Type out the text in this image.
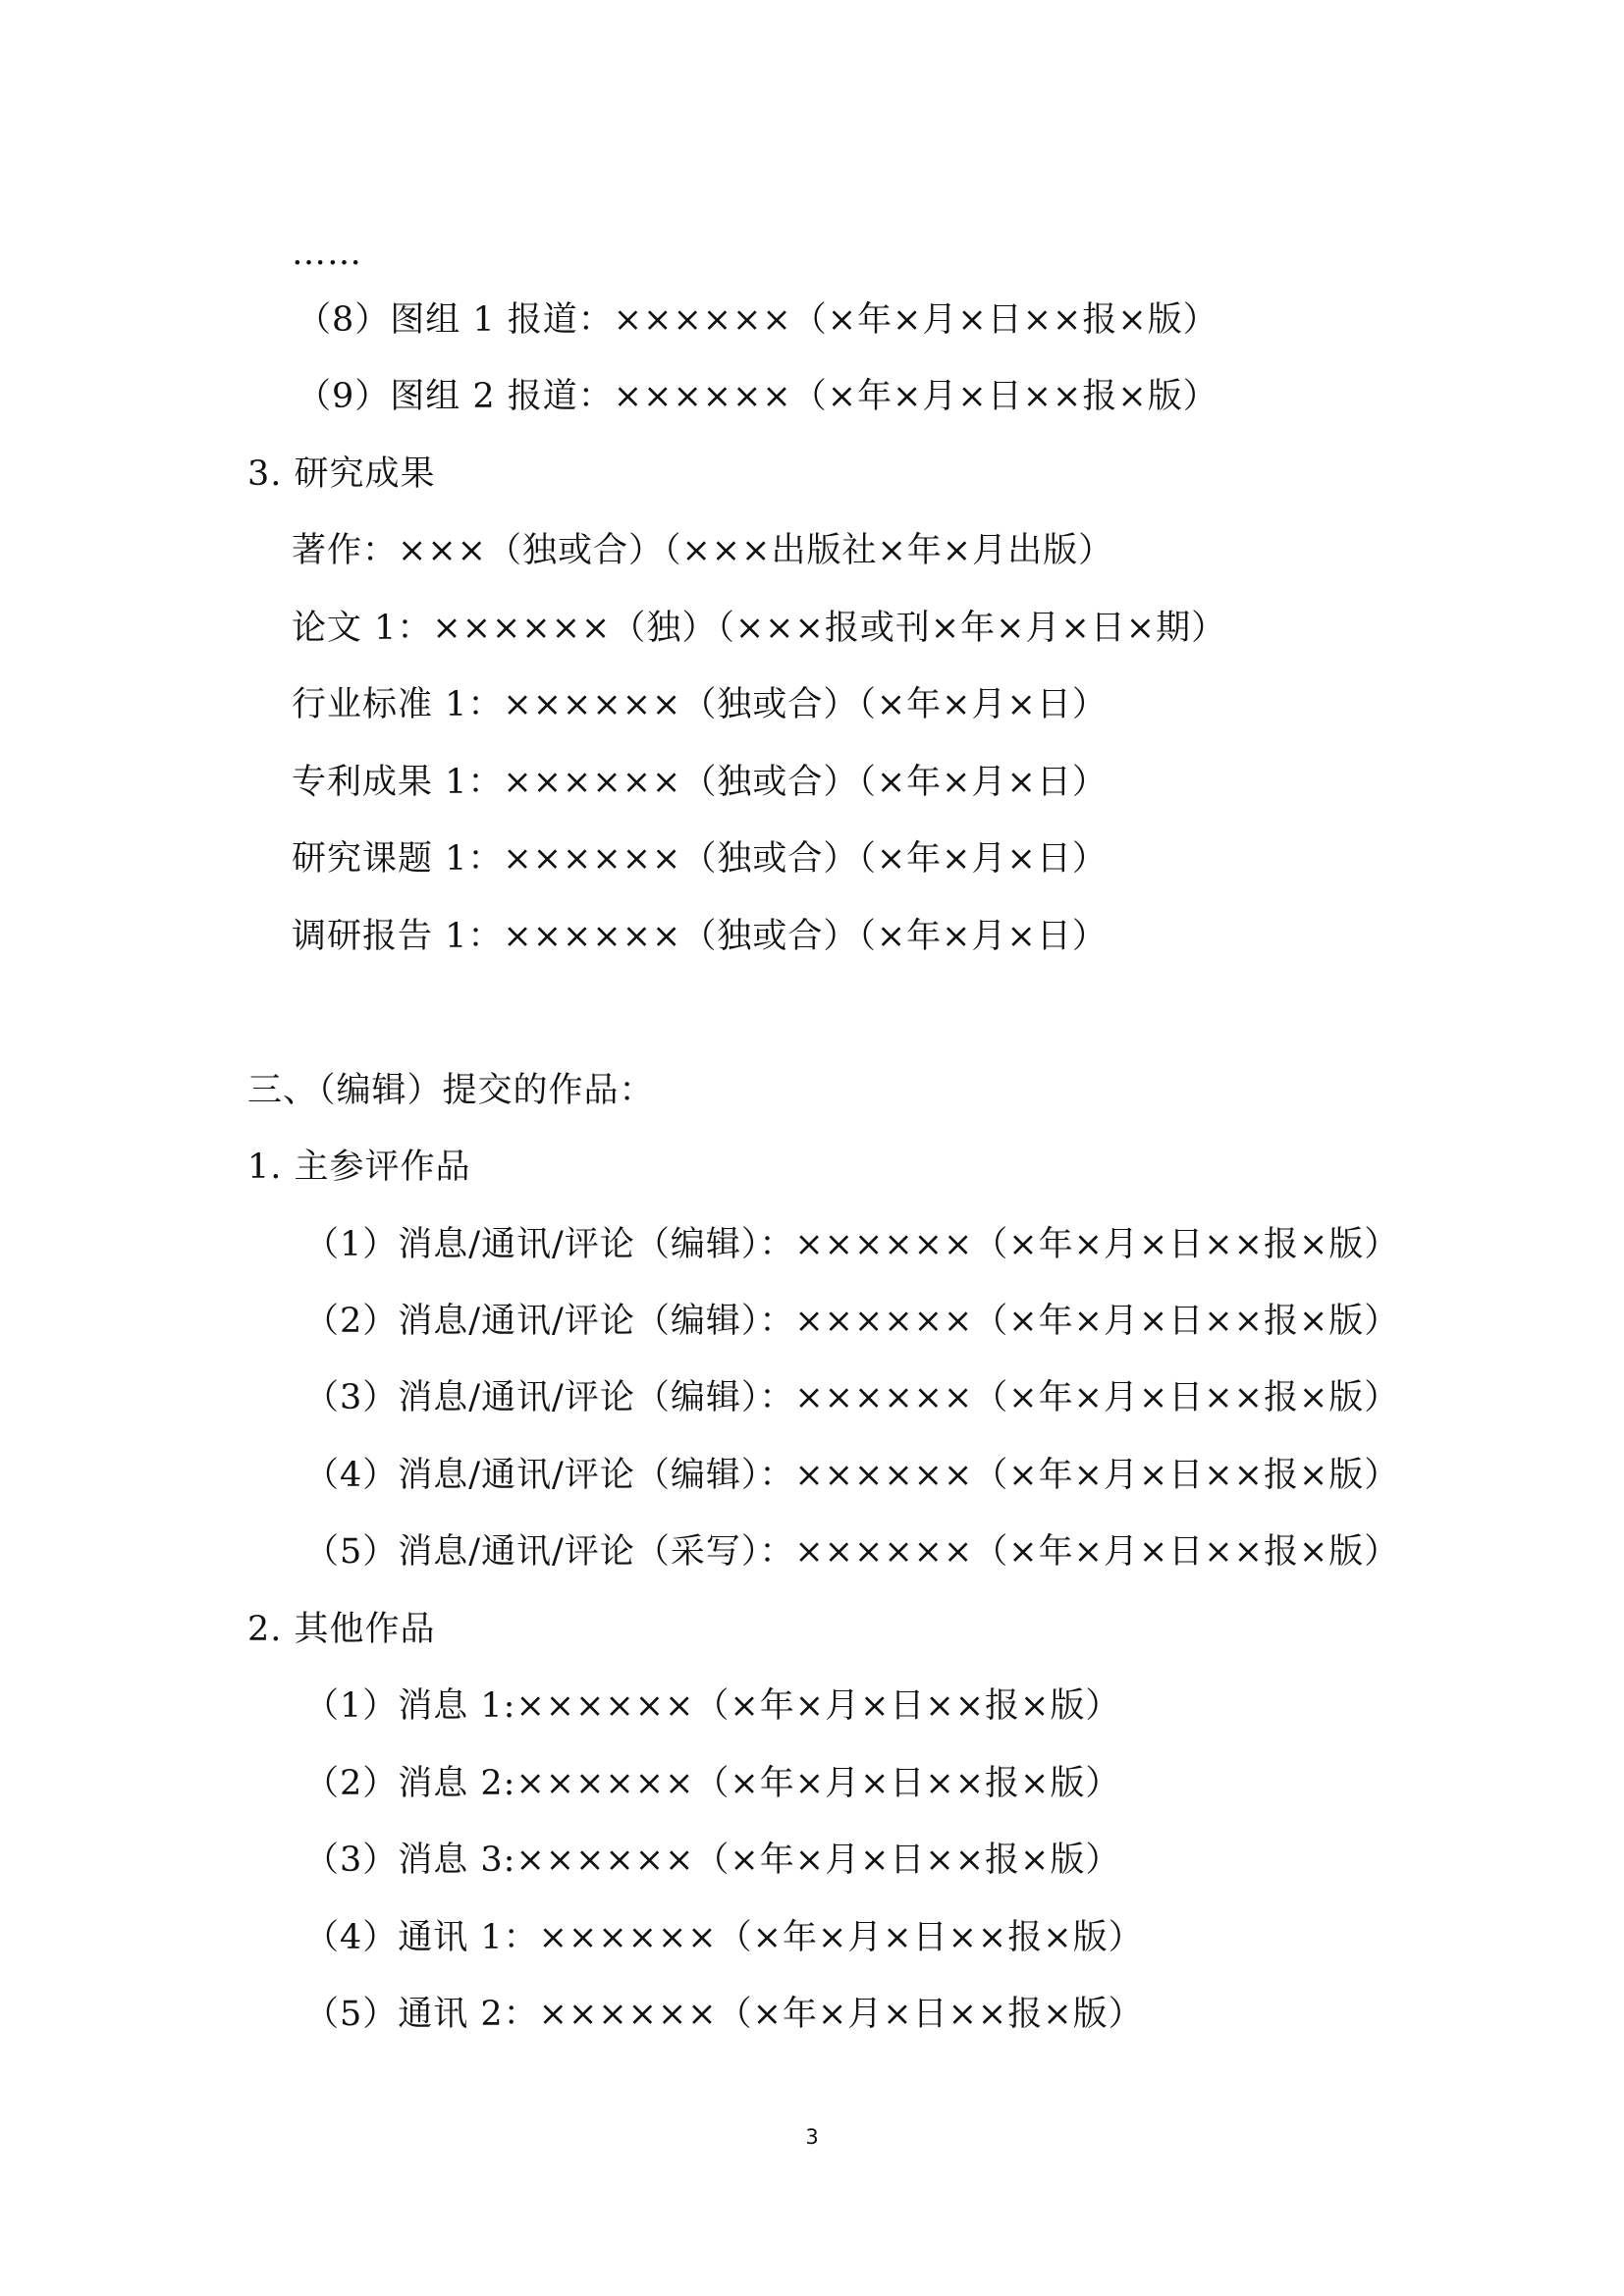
……
（8）图组 1 报道：××××××（×年×月×日××报×版）
（9）图组 2 报道：××××××（×年×月×日××报×版）
3. 研究成果
著作：×××（独或合）（×××出版社×年×月出版）
论文 1：××××××（独）（×××报或刊×年×月×日×期）
行业标准 1：××××××（独或合）（×年×月×日）
专利成果 1：××××××（独或合）（×年×月×日）
研究课题 1：××××××（独或合）（×年×月×日）
调研报告 1：××××××（独或合）（×年×月×日）
三、（编辑）提交的作品：
1. 主参评作品
（1）消息/通讯/评论（编辑）：××××××（×年×月×日××报×版）
（2）消息/通讯/评论（编辑）：××××××（×年×月×日××报×版）
（3）消息/通讯/评论（编辑）：××××××（×年×月×日××报×版）
（4）消息/通讯/评论（编辑）：××××××（×年×月×日××报×版）
（5）消息/通讯/评论（采写）：××××××（×年×月×日××报×版）
2. 其他作品
（1）消息 1:××××××（×年×月×日××报×版）
（2）消息 2:××××××（×年×月×日××报×版）
（3）消息 3:××××××（×年×月×日××报×版）
（4）通讯 1：××××××（×年×月×日××报×版）
（5）通讯 2：××××××（×年×月×日××报×版）
3
